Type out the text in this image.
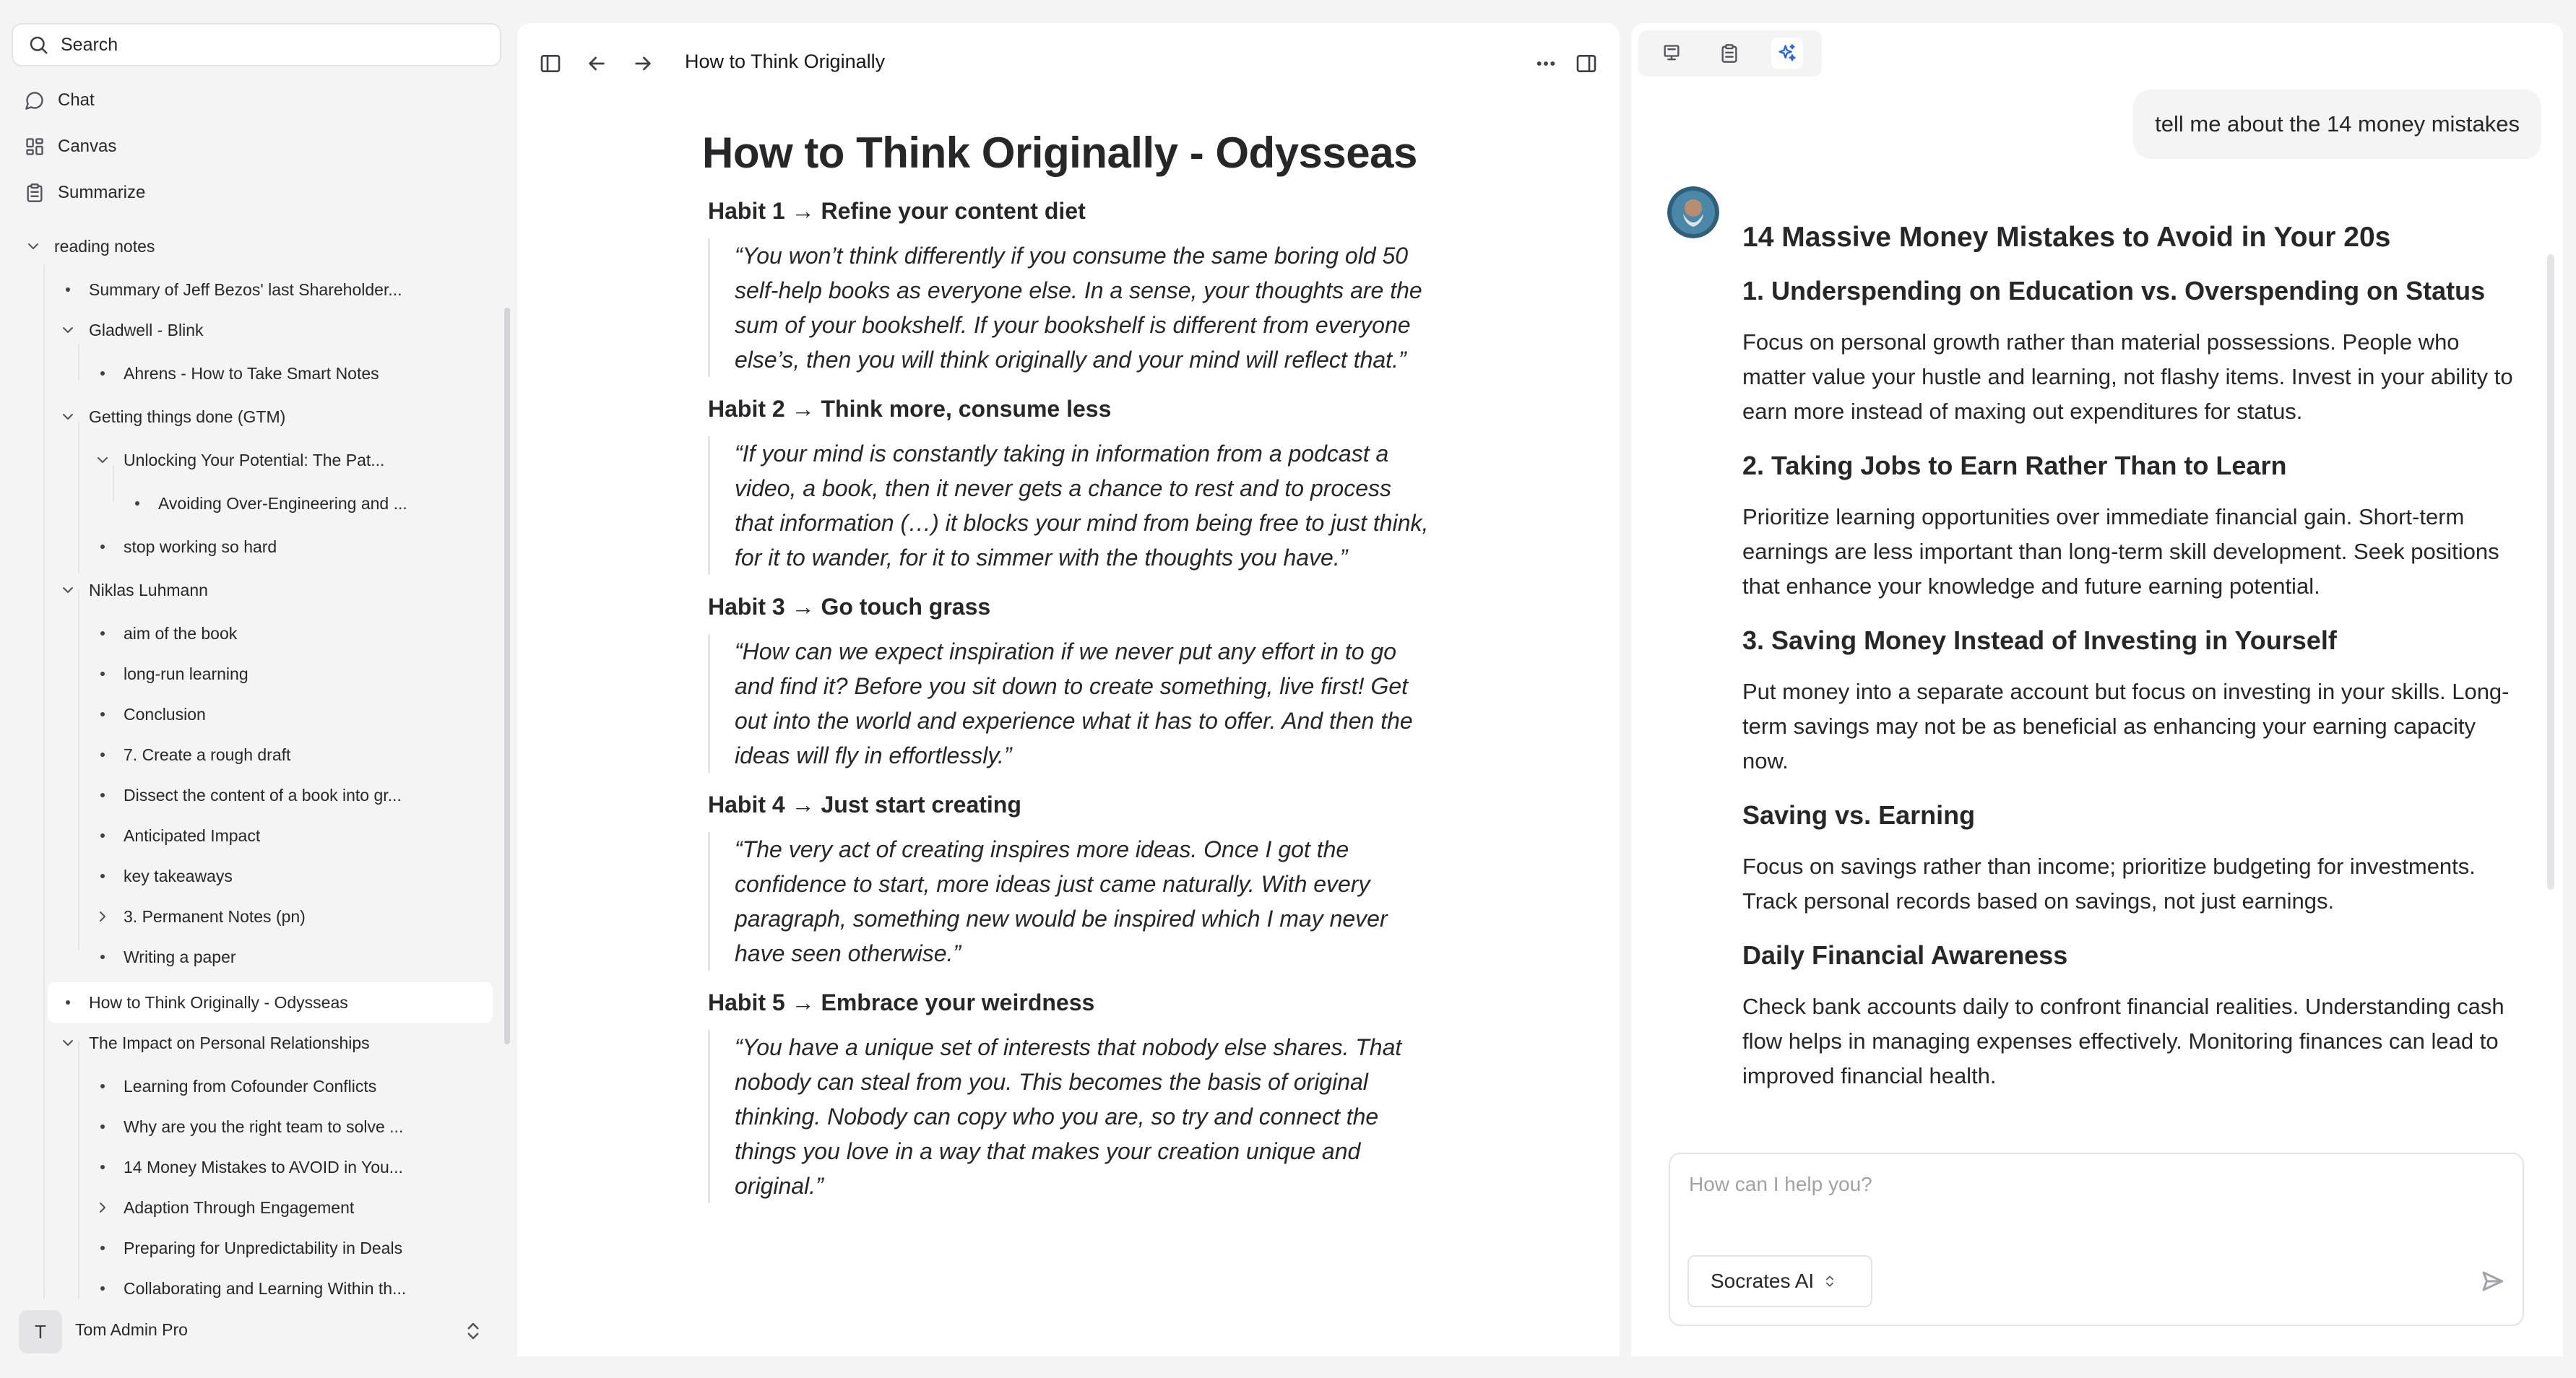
Search
Chat
Canvas
Summarize
reading notes
Summary of Jeff Bezos' last Shareholder...
Gladwell - Blink
Ahrens - How to Take Smart Notes
Getting things done (GTM)
Unlocking Your Potential: The Pat...
Avoiding Over-Engineering and ...
stop working so hard
Niklas Luhmann
aim of the book
long-run learning
Conclusion
7. Create a rough draft
Dissect the content of a book into gr...
Anticipated Impact
key takeaways
3. Permanent Notes (pn)
Writing a paper
How to Think Originally - Odysseas
The Impact on Personal Relationships
Learning from Cofounder Conflicts
Why are you the right team to solve ...
14 Money Mistakes to AVOID in You...
Adaption Through Engagement
Preparing for Unpredictability in Deals
Collaborating and Learning Within th...
T	Tom Admin Pro
How to Think Originally
How to Think Originally - Odysseas
Habit 1 → Refine your content diet
“You won’t think differently if you consume the same boring old 50 self-help books as everyone else. In a sense, your thoughts are the sum of your bookshelf. If your bookshelf is different from everyone else’s, then you will think originally and your mind will reflect that.”
Habit 2 → Think more, consume less
“If your mind is constantly taking in information from a podcast a video, a book, then it never gets a chance to rest and to process that information (…) it blocks your mind from being free to just think, for it to wander, for it to simmer with the thoughts you have.”
Habit 3 → Go touch grass
“How can we expect inspiration if we never put any effort in to go and find it? Before you sit down to create something, live first! Get out into the world and experience what it has to offer. And then the ideas will fly in effortlessly.”
Habit 4 → Just start creating
“The very act of creating inspires more ideas. Once I got the confidence to start, more ideas just came naturally. With every paragraph, something new would be inspired which I may never have seen otherwise.”
Habit 5 → Embrace your weirdness
“You have a unique set of interests that nobody else shares. That nobody can steal from you. This becomes the basis of original thinking. Nobody can copy who you are, so try and connect the things you love in a way that makes your creation unique and original.”
tell me about the 14 money mistakes
14 Massive Money Mistakes to Avoid in Your 20s
1. Underspending on Education vs. Overspending on Status

Focus on personal growth rather than material possessions. People who matter value your hustle and learning, not flashy items. Invest in your ability to earn more instead of maxing out expenditures for status.

2. Taking Jobs to Earn Rather Than to Learn

Prioritize learning opportunities over immediate financial gain. Short-term earnings are less important than long-term skill development. Seek positions that enhance your knowledge and future earning potential.

3. Saving Money Instead of Investing in Yourself

Put money into a separate account but focus on investing in your skills. Long-term savings may not be as beneficial as enhancing your earning capacity now.

Saving vs. Earning

Focus on savings rather than income; prioritize budgeting for investments. Track personal records based on savings, not just earnings.

Daily Financial Awareness

Check bank accounts daily to confront financial realities. Understanding cash flow helps in managing expenses effectively. Monitoring finances can lead to improved financial health.

How can I help you?
Socrates AI
